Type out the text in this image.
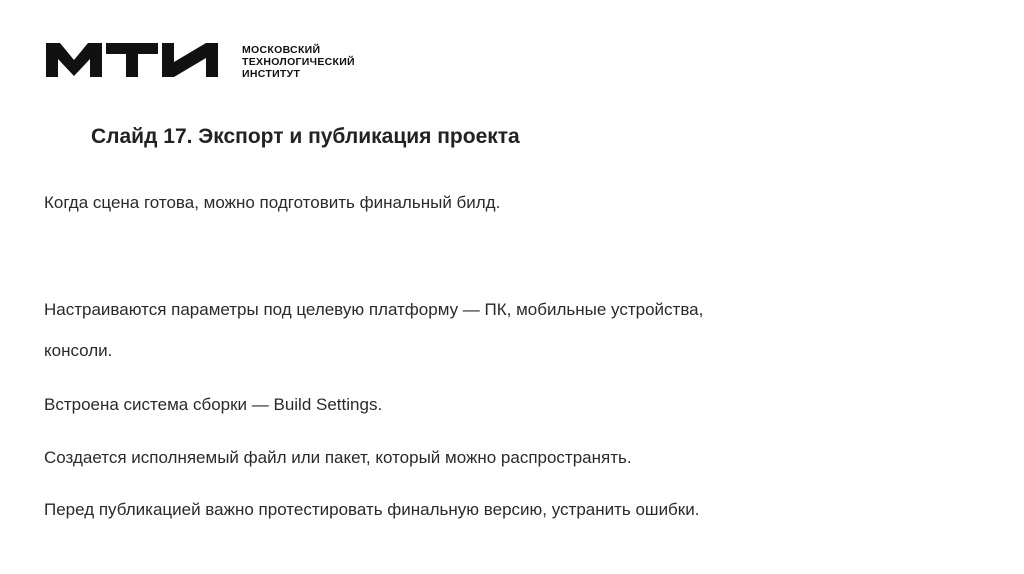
МОСКОВСКИЙ
ТЕХНОЛОГИЧЕСКИЙ
ИНСТИТУТ
Слайд 17. Экспорт и публикация проекта
Когда сцена готова, можно подготовить финальный билд.
Настраиваются параметры под целевую платформу — ПК, мобильные устройства,
консоли.
Встроена система сборки — Build Settings.
Создается исполняемый файл или пакет, который можно распространять.
Перед публикацией важно протестировать финальную версию, устранить ошибки.
